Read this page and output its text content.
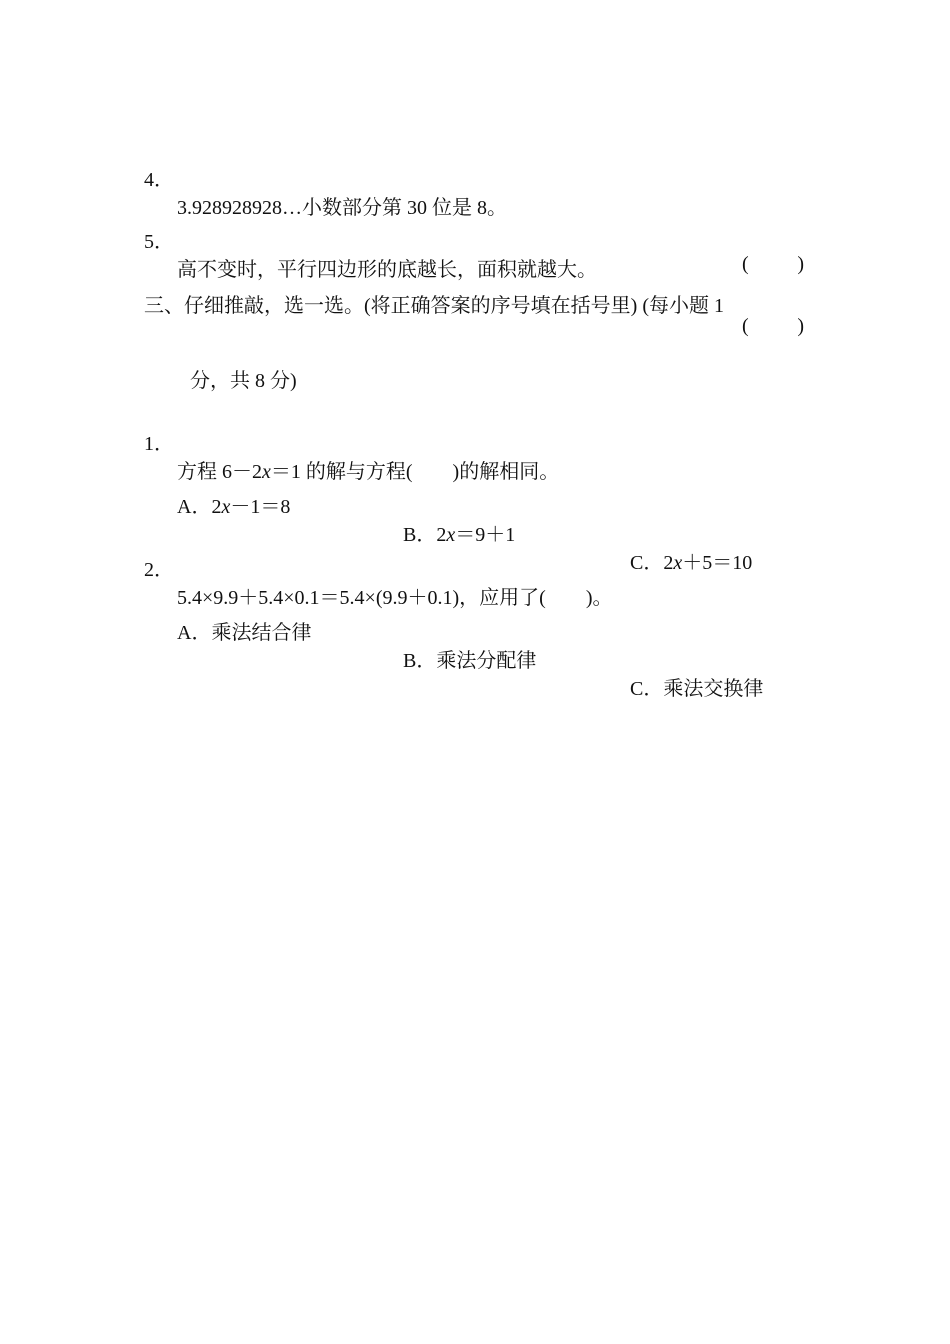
4．

3.928928928…小数部分第 30 位是 8。

( )

5．

高不变时，平行四边形的底越长，面积就越大。

( )

三、仔细推敲，选一选。(将正确答案的序号填在括号里) (每小题 1

分，共 8 分)

1．

方程 6－2x＝1 的解与方程(　　)的解相同。

A．2x－1＝8

B．2x＝9＋1

C．2x＋5＝10

2．

5.4×9.9＋5.4×0.1＝5.4×(9.9＋0.1)，应用了(　　)。

A．乘法结合律

B．乘法分配律

C．乘法交换律
